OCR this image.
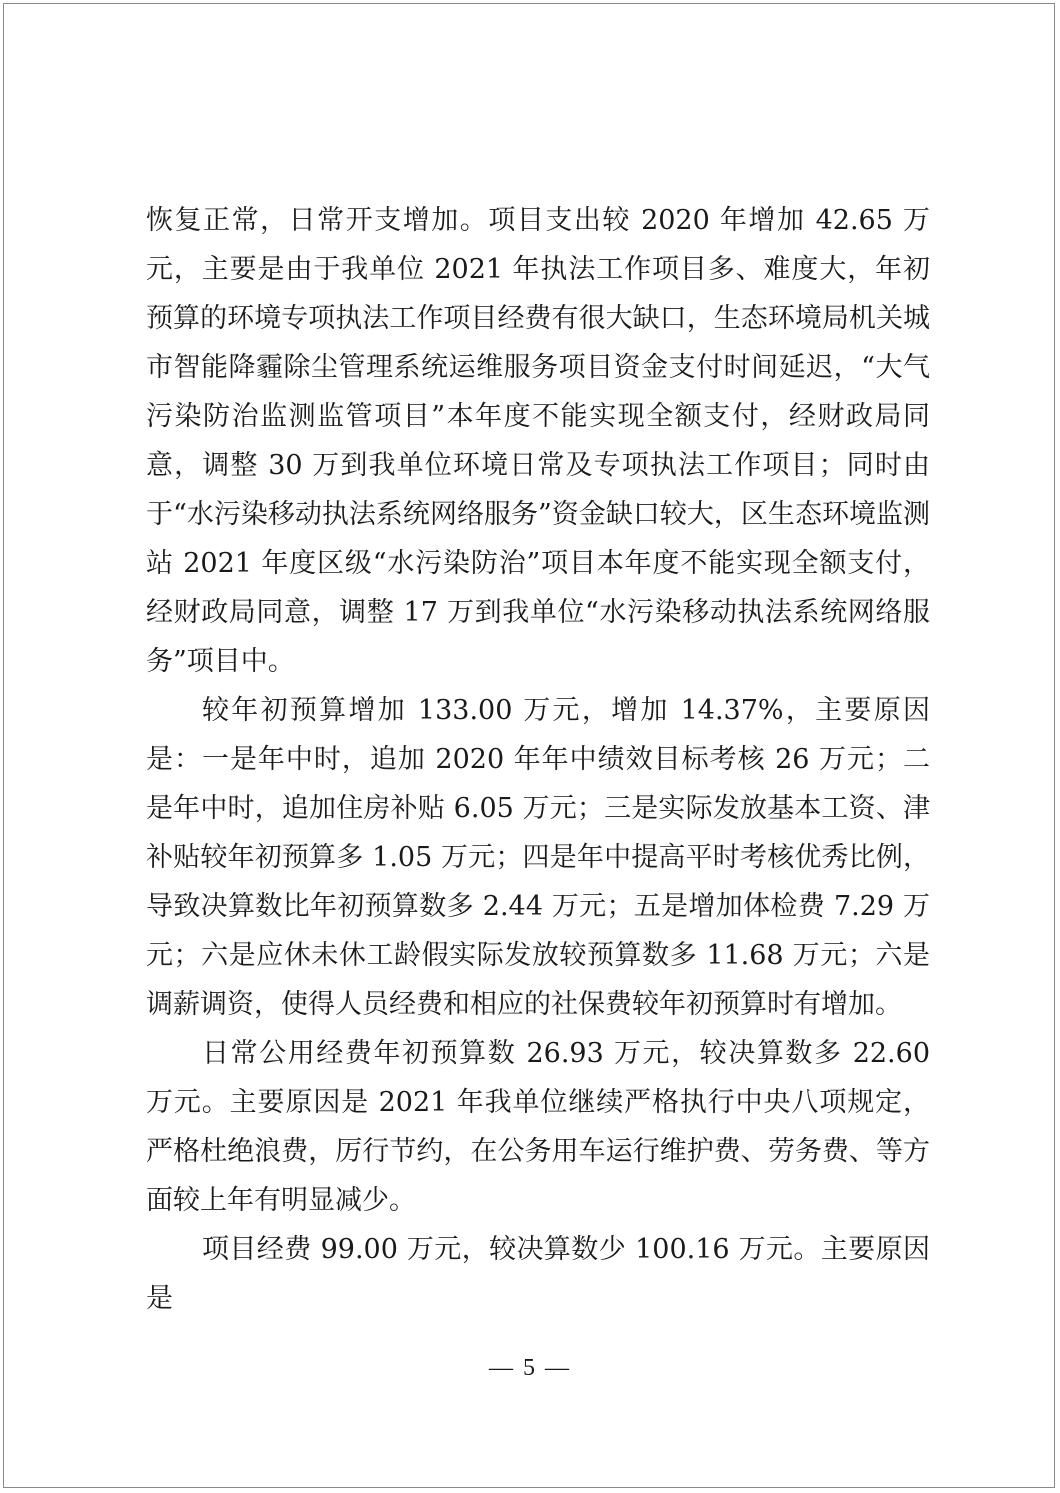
恢复正常，日常开支增加。项目支出较 2020 年增加 42.65 万元，主要是由于我单位 2021 年执法工作项目多、难度大，年初预算的环境专项执法工作项目经费有很大缺口，生态环境局机关城市智能降霾除尘管理系统运维服务项目资金支付时间延迟，“大气污染防治监测监管项目”本年度不能实现全额支付，经财政局同意，调整 30 万到我单位环境日常及专项执法工作项目；同时由于“水污染移动执法系统网络服务”资金缺口较大，区生态环境监测站 2021 年度区级“水污染防治”项目本年度不能实现全额支付，经财政局同意，调整 17 万到我单位“水污染移动执法系统网络服务”项目中。

较年初预算增加 133.00 万元，增加 14.37%，主要原因是：一是年中时，追加 2020 年年中绩效目标考核 26 万元；二是年中时，追加住房补贴 6.05 万元；三是实际发放基本工资、津补贴较年初预算多 1.05 万元；四是年中提高平时考核优秀比例，导致决算数比年初预算数多 2.44 万元；五是增加体检费 7.29 万元；六是应休未休工龄假实际发放较预算数多 11.68 万元；六是调薪调资，使得人员经费和相应的社保费较年初预算时有增加。

日常公用经费年初预算数 26.93 万元，较决算数多 22.60 万元。主要原因是 2021 年我单位继续严格执行中央八项规定，严格杜绝浪费，厉行节约，在公务用车运行维护费、劳务费、等方面较上年有明显减少。

项目经费 99.00 万元，较决算数少 100.16 万元。主要原因是

— 5 —
